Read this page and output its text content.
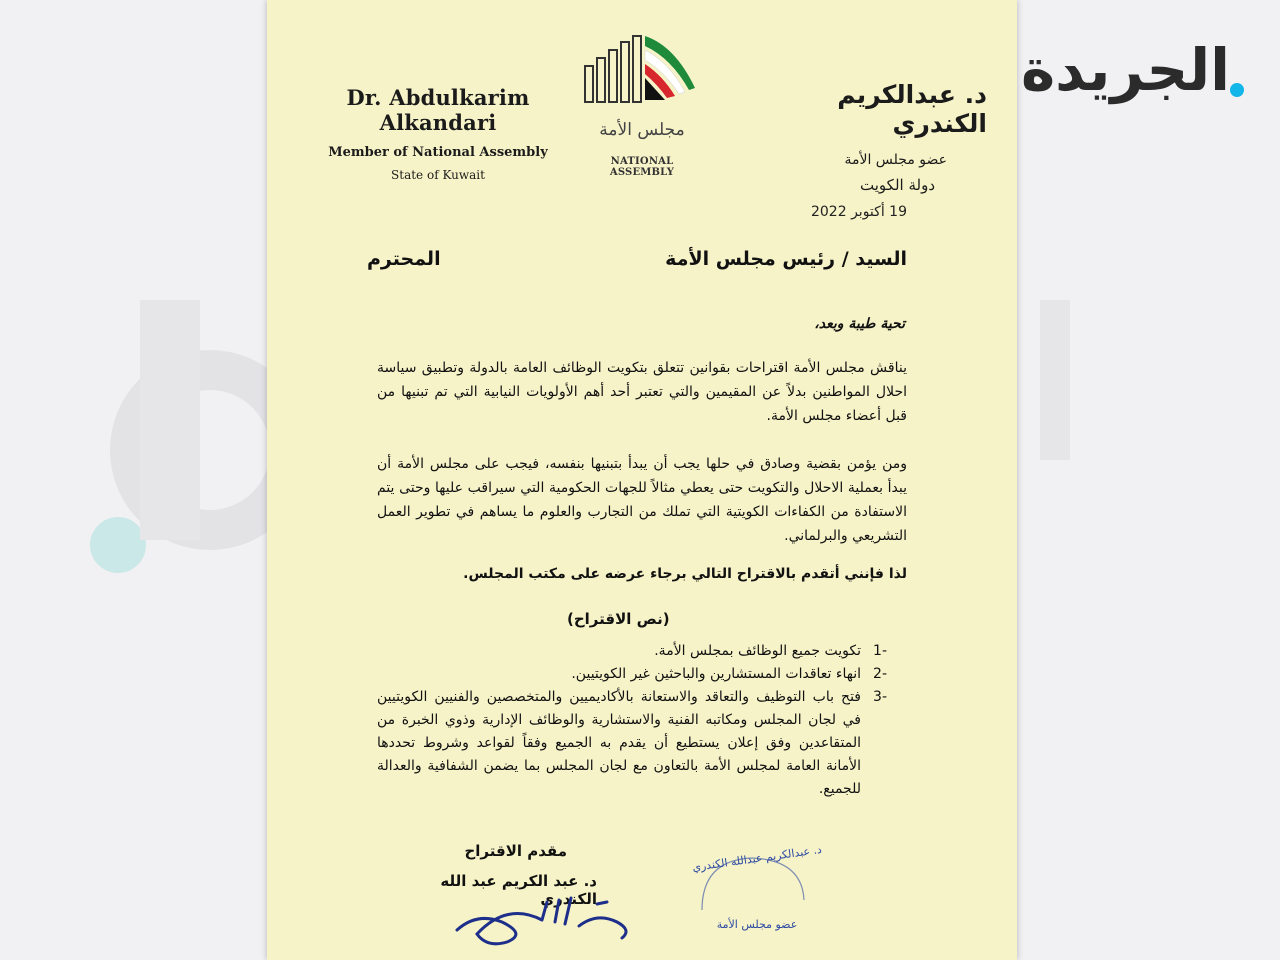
الجريدة
Dr. Abdulkarim Alkandari
Member of National Assembly
State of Kuwait
مجلس الأمة
NATIONAL ASSEMBLY
د. عبدالكريم الكندري
عضو مجلس الأمة
دولة الكويت
19 أكتوبر 2022
السيد / رئيس مجلس الأمة
المحترم
تحية طيبة وبعد،
يناقش مجلس الأمة اقتراحات بقوانين تتعلق بتكويت الوظائف العامة بالدولة وتطبيق سياسة احلال المواطنين بدلاً عن المقيمين والتي تعتبر أحد أهم الأولويات النيابية التي تم تبنيها من قبل أعضاء مجلس الأمة.
ومن يؤمن بقضية وصادق في حلها يجب أن يبدأ بتبنيها بنفسه، فيجب على مجلس الأمة أن يبدأ بعملية الاحلال والتكويت حتى يعطي مثالاً للجهات الحكومية التي سيراقب عليها وحتى يتم الاستفادة من الكفاءات الكويتية التي تملك من التجارب والعلوم ما يساهم في تطوير العمل التشريعي والبرلماني.
لذا فإنني أتقدم بالاقتراح التالي برجاء عرضه على مكتب المجلس.
(نص الاقتراح)
-1
تكويت جميع الوظائف بمجلس الأمة.
-2
انهاء تعاقدات المستشارين والباحثين غير الكويتيين.
-3
فتح باب التوظيف والتعاقد والاستعانة بالأكاديميين والمتخصصين والفنيين الكويتيين في لجان المجلس ومكاتبه الفنية والاستشارية والوظائف الإدارية وذوي الخبرة من المتقاعدين وفق إعلان يستطيع أن يقدم به الجميع وفقاً لقواعد وشروط تحددها الأمانة العامة لمجلس الأمة بالتعاون مع لجان المجلس بما يضمن الشفافية والعدالة للجميع.
مقدم الاقتراح
د. عبد الكريم عبد الله الكندري
د. عبدالكريم عبدالله الكندري
عضو مجلس الأمة
